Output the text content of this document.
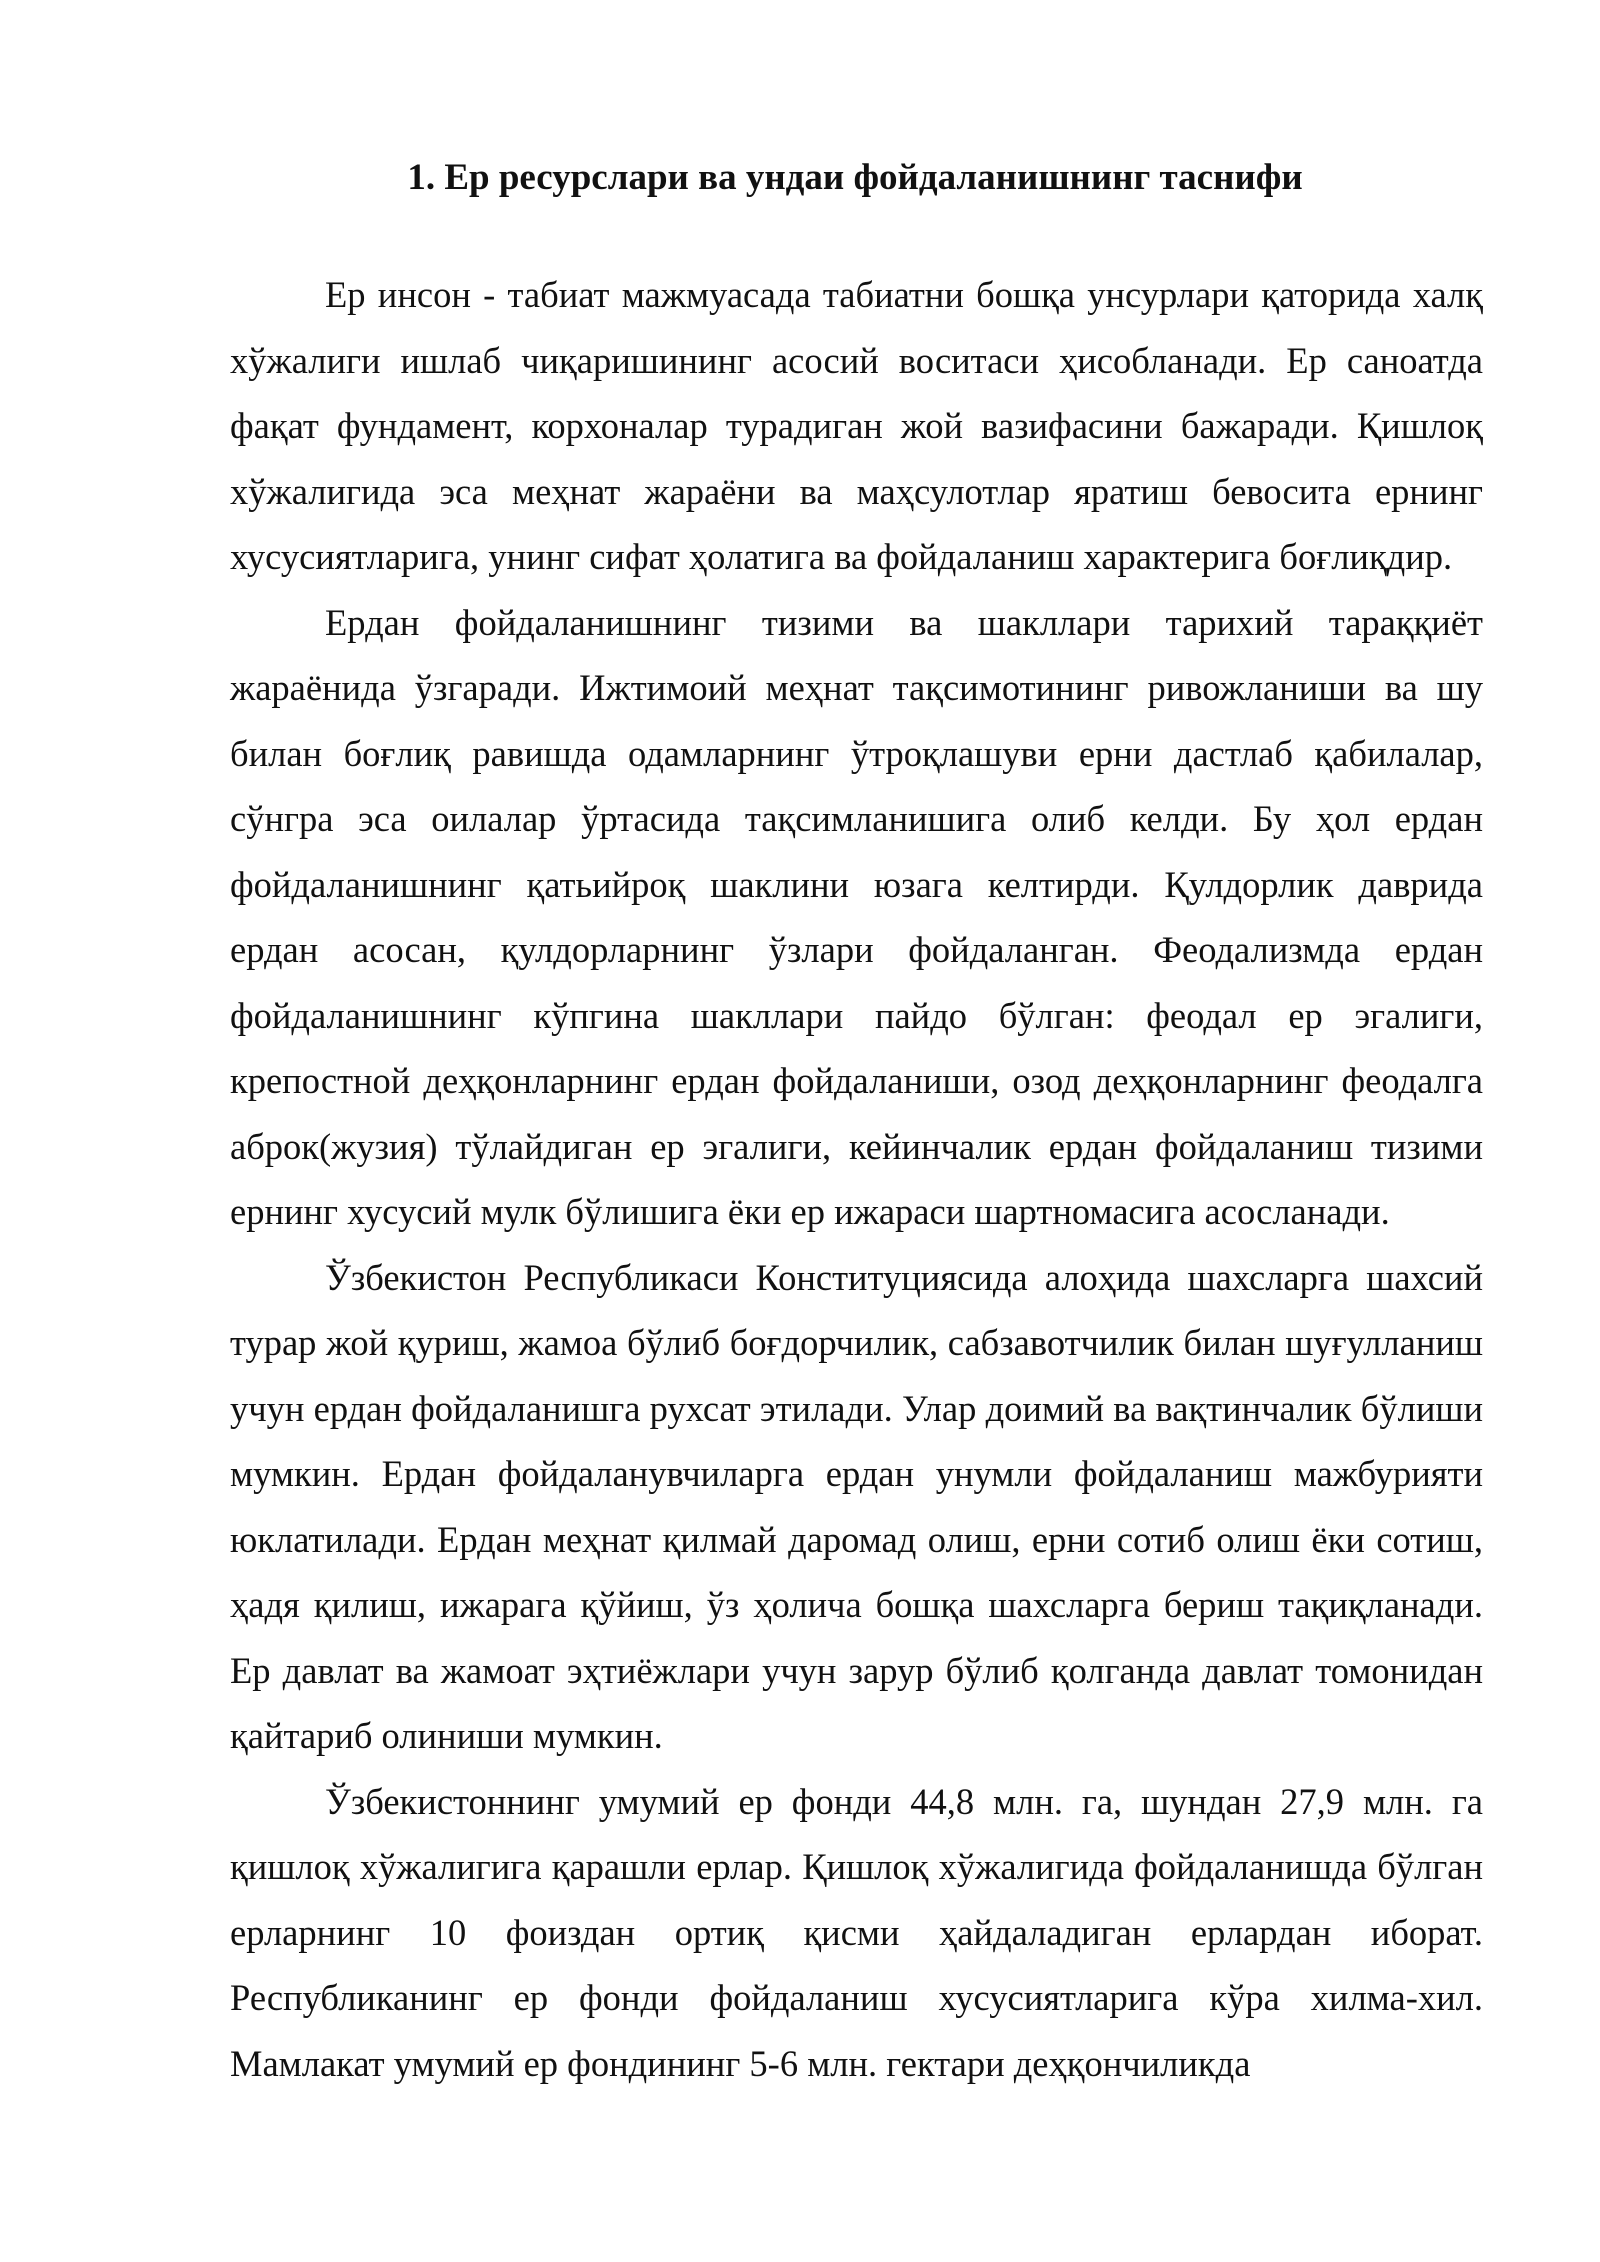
1. Ер ресурслари ва ундаи фойдаланишнинг таснифи

Ер инсон - табиат мажмуасада табиатни бошқа унсурлари қаторида халқ хўжалиги ишлаб чиқаришининг асосий воситаси ҳисобланади. Ер саноатда фақат фундамент, корхоналар турадиган жой вазифасини бажаради. Қишлоқ хўжалигида эса меҳнат жараёни ва маҳсулотлар яратиш бевосита ернинг хусусиятларига, унинг сифат ҳолатига ва фойдаланиш характерига боғлиқдир.

Ердан фойдаланишнинг тизими ва шакллари тарихий тараққиёт жараёнида ўзгаради. Ижтимоий меҳнат тақсимотининг ривожланиши ва шу билан боғлиқ равишда одамларнинг ўтроқлашуви ерни дастлаб қабилалар, сўнгра эса оилалар ўртасида тақсимланишига олиб келди. Бу ҳол ердан фойдаланишнинг қатьийроқ шаклини юзага келтирди. Қулдорлик даврида ердан асосан, қулдорларнинг ўзлари фойдаланган. Феодализмда ердан фойдаланишнинг кўпгина шакллари пайдо бўлган: феодал ер эгалиги, крепостной деҳқонларнинг ердан фойдаланиши, озод деҳқонларнинг феодалга аброк(жузия) тўлайдиган ер эгалиги, кейинчалик ердан фойдаланиш тизими ернинг хусусий мулк бўлишига ёки ер ижараси шартномасига асосланади.

Ўзбекистон Республикаси Конституциясида алоҳида шахсларга шахсий турар жой қуриш, жамоа бўлиб боғдорчилик, сабзавотчилик билан шуғулланиш учун ердан фойдаланишга рухсат этилади. Улар доимий ва вақтинчалик бўлиши мумкин. Ердан фойдаланувчиларга ердан унумли фойдаланиш мажбурияти юклатилади. Ердан меҳнат қилмай даромад олиш, ерни сотиб олиш ёки сотиш, ҳадя қилиш, ижарага қўйиш, ўз ҳолича бошқа шахсларга бериш тақиқланади. Ер давлат ва жамоат эҳтиёжлари учун зарур бўлиб қолганда давлат томонидан қайтариб олиниши мумкин.

Ўзбекистоннинг умумий ер фонди 44,8 млн. га, шундан 27,9 млн. га қишлоқ хўжалигига қарашли ерлар. Қишлоқ хўжалигида фойдаланишда бўлган ерларнинг 10 фоиздан ортиқ қисми ҳайдаладиган ерлардан иборат. Республиканинг ер фонди фойдаланиш хусусиятларига кўра хилма-хил. Мамлакат умумий ер фондининг 5-6 млн. гектари деҳқончиликда
